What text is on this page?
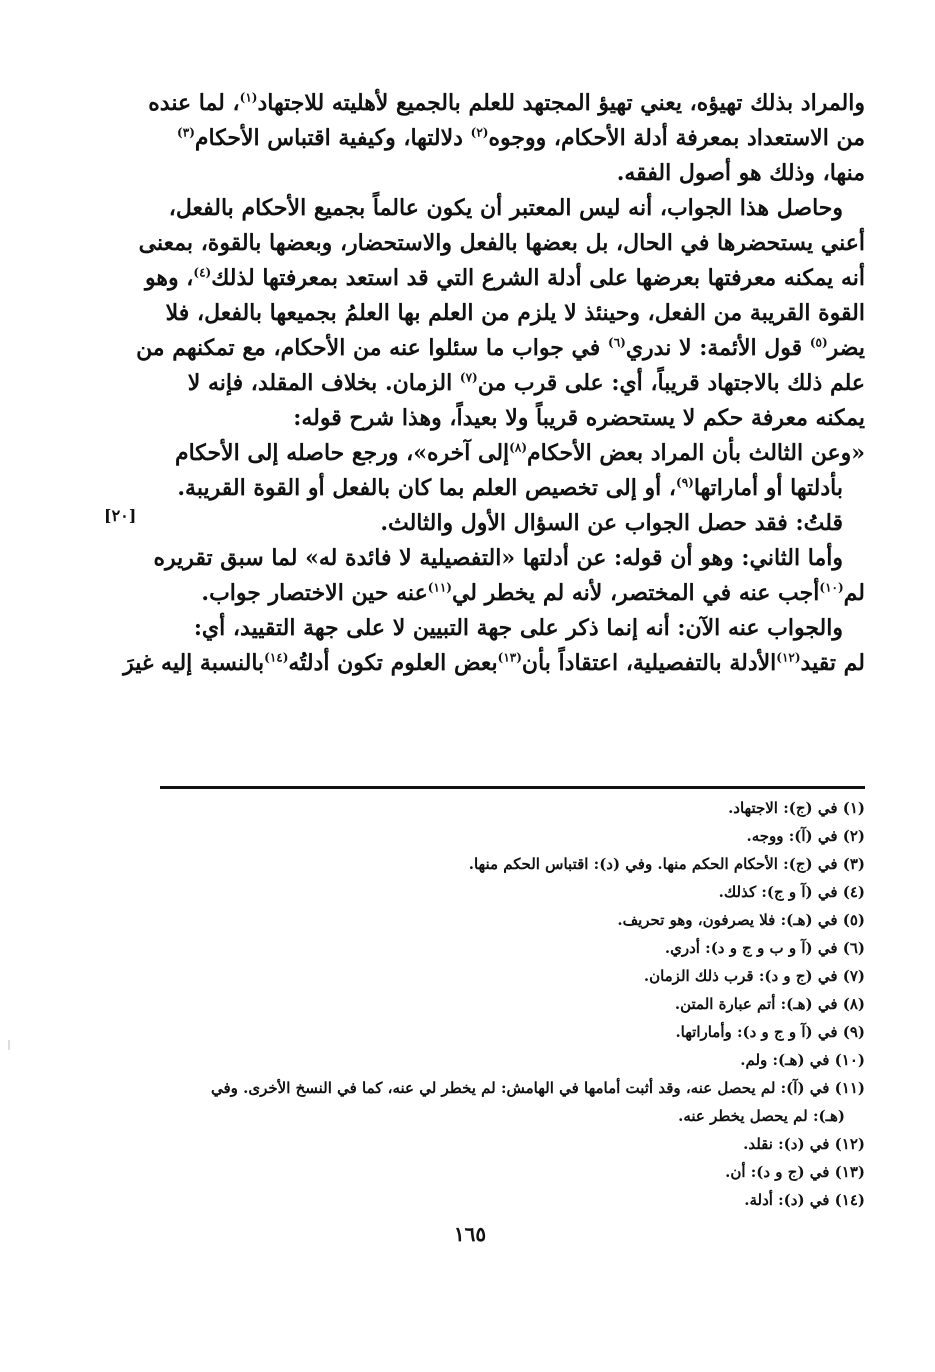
والمراد بذلك تهيؤه، يعني تهيؤ المجتهد للعلم بالجميع لأهليته للاجتهاد$^{(١)}$، لما عنده
من الاستعداد بمعرفة أدلة الأحكام، ووجوه$^{(٢)}$ دلالتها، وكيفية اقتباس الأحكام$^{(٣)}$
منها، وذلك هو أصول الفقه.
وحاصل هذا الجواب، أنه ليس المعتبر أن يكون عالماً بجميع الأحكام بالفعل،
أعني يستحضرها في الحال، بل بعضها بالفعل والاستحضار، وبعضها بالقوة، بمعنى
أنه يمكنه معرفتها بعرضها على أدلة الشرع التي قد استعد بمعرفتها لذلك$^{(٤)}$، وهو
القوة القريبة من الفعل، وحينئذ لا يلزم من العلم بها العلمُ بجميعها بالفعل، فلا
يضر$^{(٥)}$ قول الأئمة: لا ندري$^{(٦)}$ في جواب ما سئلوا عنه من الأحكام، مع تمكنهم من
علم ذلك بالاجتهاد قريباً، أي: على قرب من$^{(٧)}$ الزمان. بخلاف المقلد، فإنه لا
يمكنه معرفة حكم لا يستحضره قريباً ولا بعيداً، وهذا شرح قوله:
«وعن الثالث بأن المراد بعض الأحكام$^{(٨)}$إلى آخره»، ورجع حاصله إلى الأحكام
بأدلتها أو أماراتها$^{(٩)}$، أو إلى تخصيص العلم بما كان بالفعل أو القوة القريبة.
قلتُ: فقد حصل الجواب عن السؤال الأول والثالث.
وأما الثاني: وهو أن قوله: عن أدلتها «التفصيلية لا فائدة له» لما سبق تقريره
لم$^{(١٠)}$أجب عنه في المختصر، لأنه لم يخطر لي$^{(١١)}$عنه حين الاختصار جواب.
والجواب عنه الآن: أنه إنما ذكر على جهة التبيين لا على جهة التقييد، أي:
لم تقيد$^{(١٢)}$الأدلة بالتفصيلية، اعتقاداً بأن$^{(١٣)}$بعض العلوم تكون أدلتُه$^{(١٤)}$بالنسبة إليه غيرَ
[٢٠]
(١) في (ج): الاجتهاد.
(٢) في (آ): ووجه.
(٣) في (ج): الأحكام الحكم منها. وفي (د): اقتباس الحكم منها.
(٤) في (آ و ج): كذلك.
(٥) في (هـ): فلا يصرفون، وهو تحريف.
(٦) في (آ و ب و ج و د): أدري.
(٧) في (ج و د): قرب ذلك الزمان.
(٨) في (هـ): أتم عبارة المتن.
(٩) في (آ و ج و د): وأماراتها.
(١٠) في (هـ): ولم.
(١١) في (آ): لم يحصل عنه، وقد أثبت أمامها في الهامش: لم يخطر لي عنه، كما في النسخ الأخرى. وفي
(هـ): لم يحصل يخطر عنه.
(١٢) في (د): نقلد.
(١٣) في (ج و د): أن.
(١٤) في (د): أدلة.
١٦٥
